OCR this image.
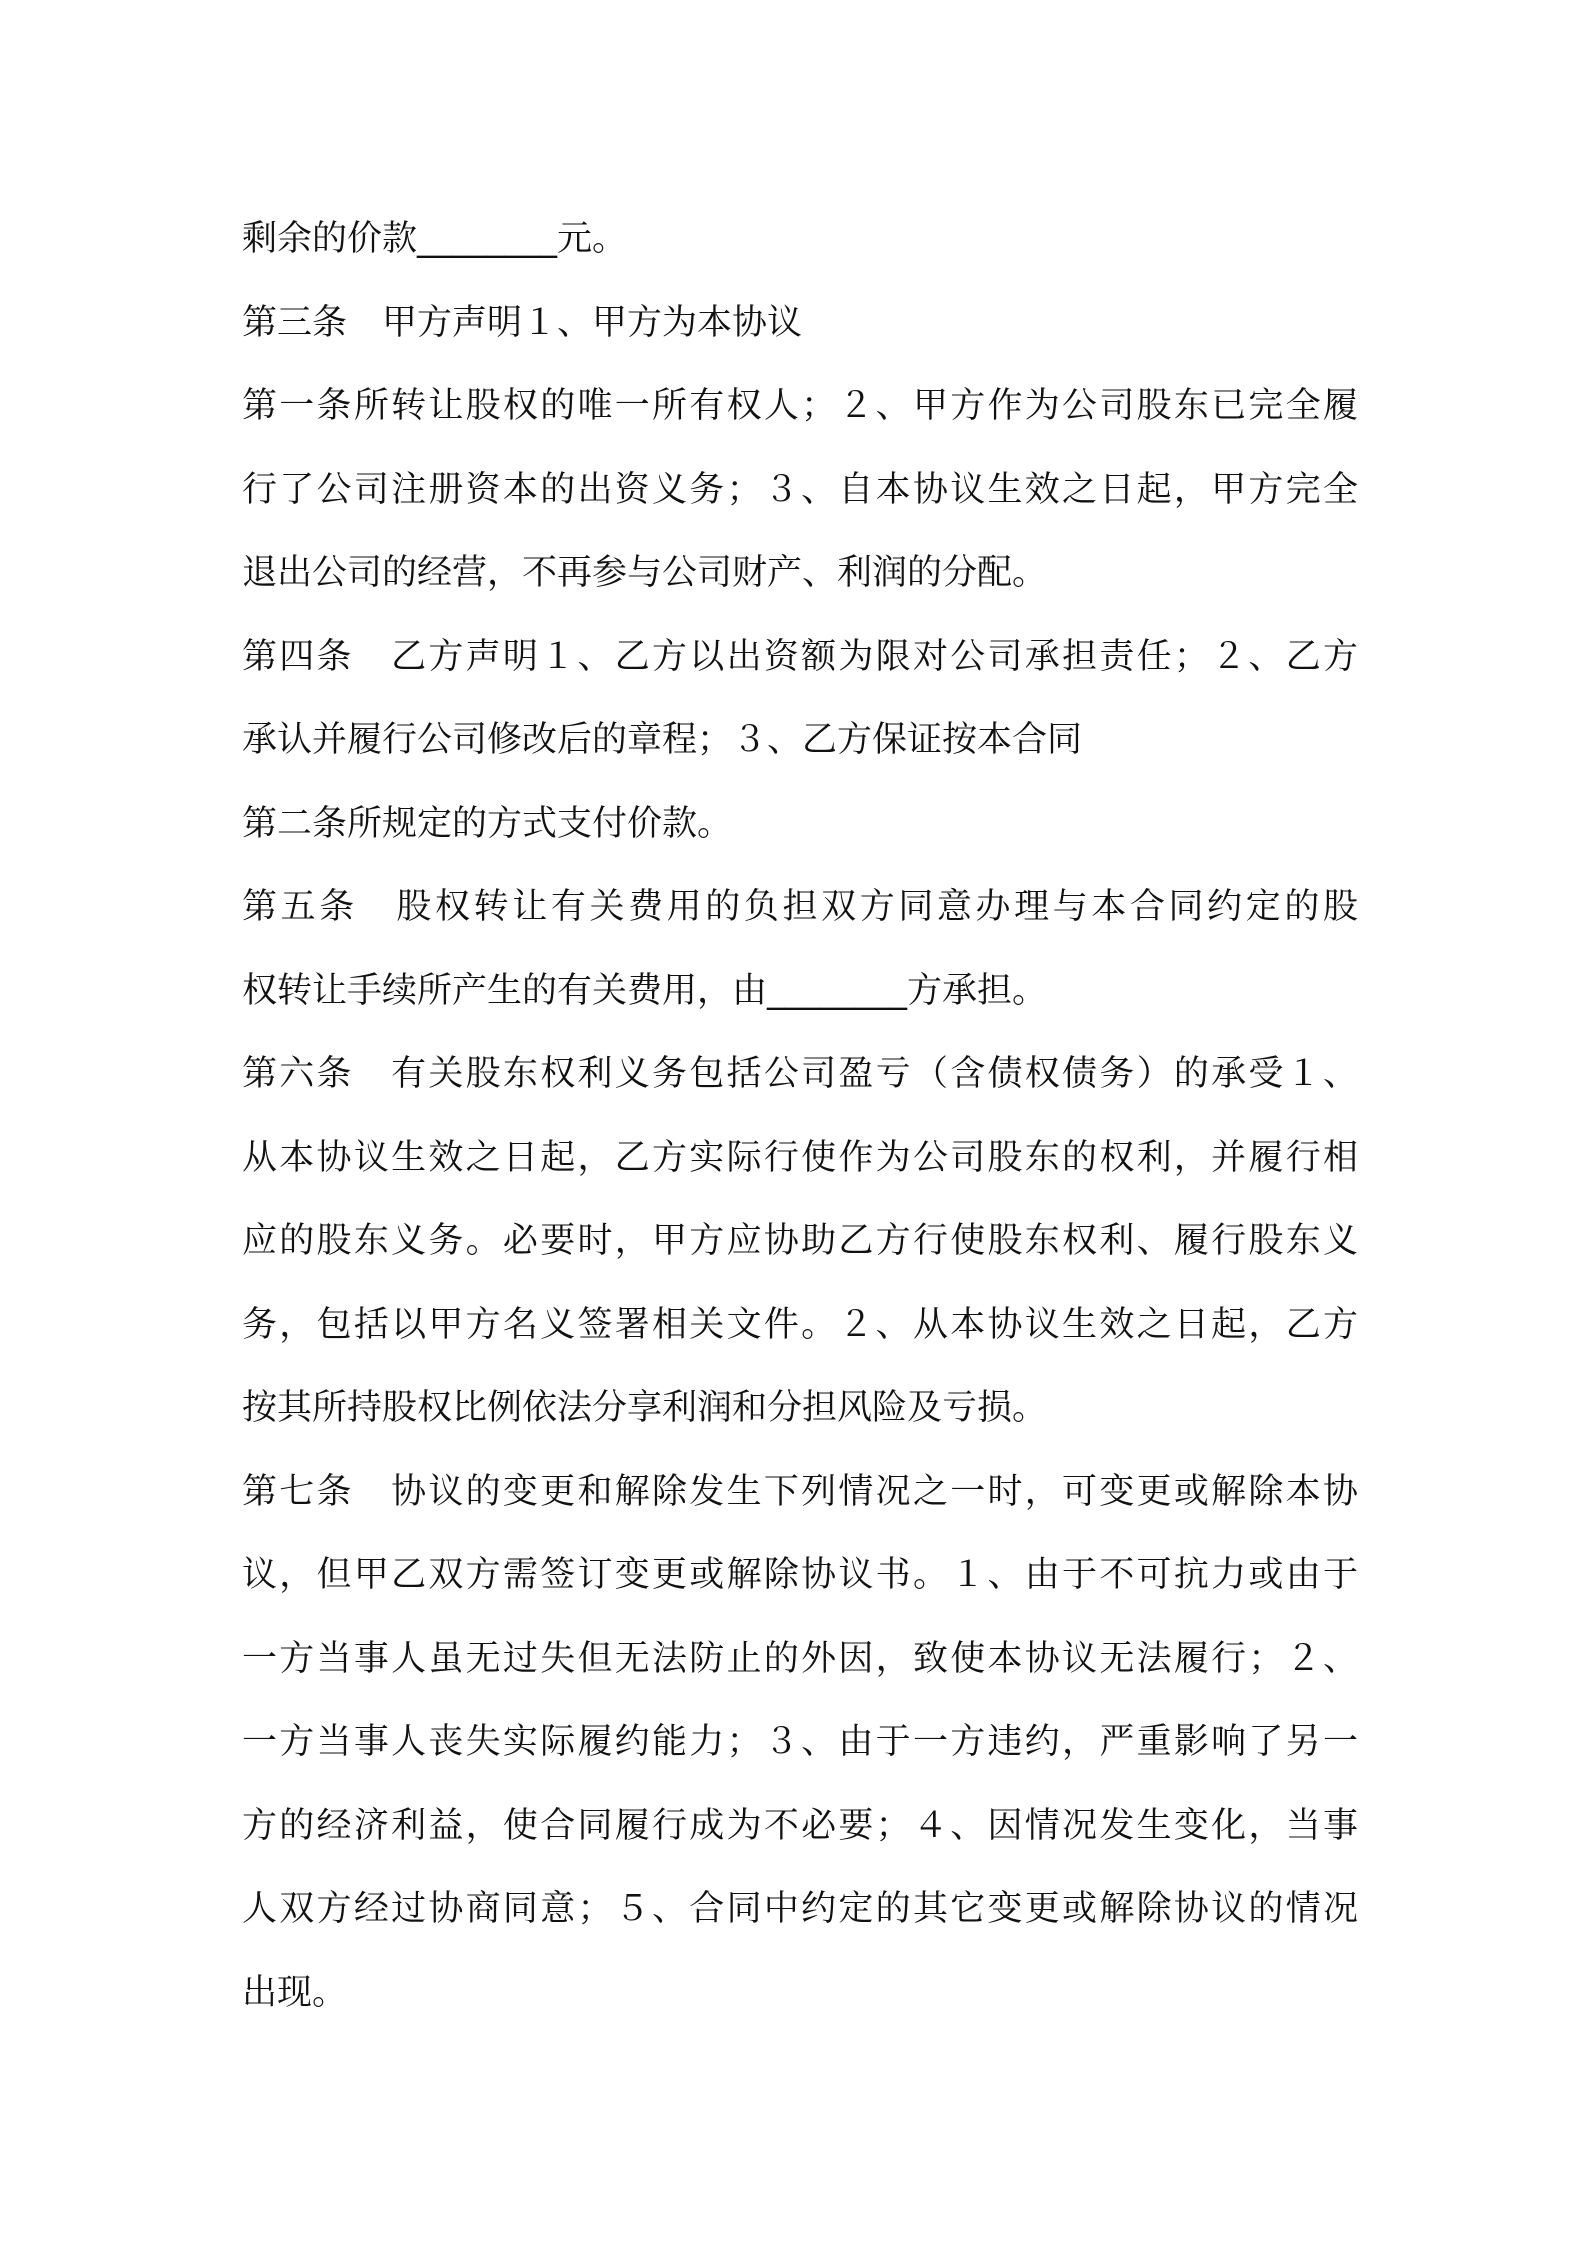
剩余的价款________元。
第三条　甲方声明１、甲方为本协议
第一条所转让股权的唯一所有权人；２、甲方作为公司股东已完全履
行了公司注册资本的出资义务；３、自本协议生效之日起，甲方完全
退出公司的经营，不再参与公司财产、利润的分配。
第四条　乙方声明１、乙方以出资额为限对公司承担责任；２、乙方
承认并履行公司修改后的章程；３、乙方保证按本合同
第二条所规定的方式支付价款。
第五条　股权转让有关费用的负担双方同意办理与本合同约定的股
权转让手续所产生的有关费用，由________方承担。
第六条　有关股东权利义务包括公司盈亏（含债权债务）的承受１、
从本协议生效之日起，乙方实际行使作为公司股东的权利，并履行相
应的股东义务。必要时，甲方应协助乙方行使股东权利、履行股东义
务，包括以甲方名义签署相关文件。２、从本协议生效之日起，乙方
按其所持股权比例依法分享利润和分担风险及亏损。
第七条　协议的变更和解除发生下列情况之一时，可变更或解除本协
议，但甲乙双方需签订变更或解除协议书。１、由于不可抗力或由于
一方当事人虽无过失但无法防止的外因，致使本协议无法履行；２、
一方当事人丧失实际履约能力；３、由于一方违约，严重影响了另一
方的经济利益，使合同履行成为不必要；４、因情况发生变化，当事
人双方经过协商同意；５、合同中约定的其它变更或解除协议的情况
出现。
